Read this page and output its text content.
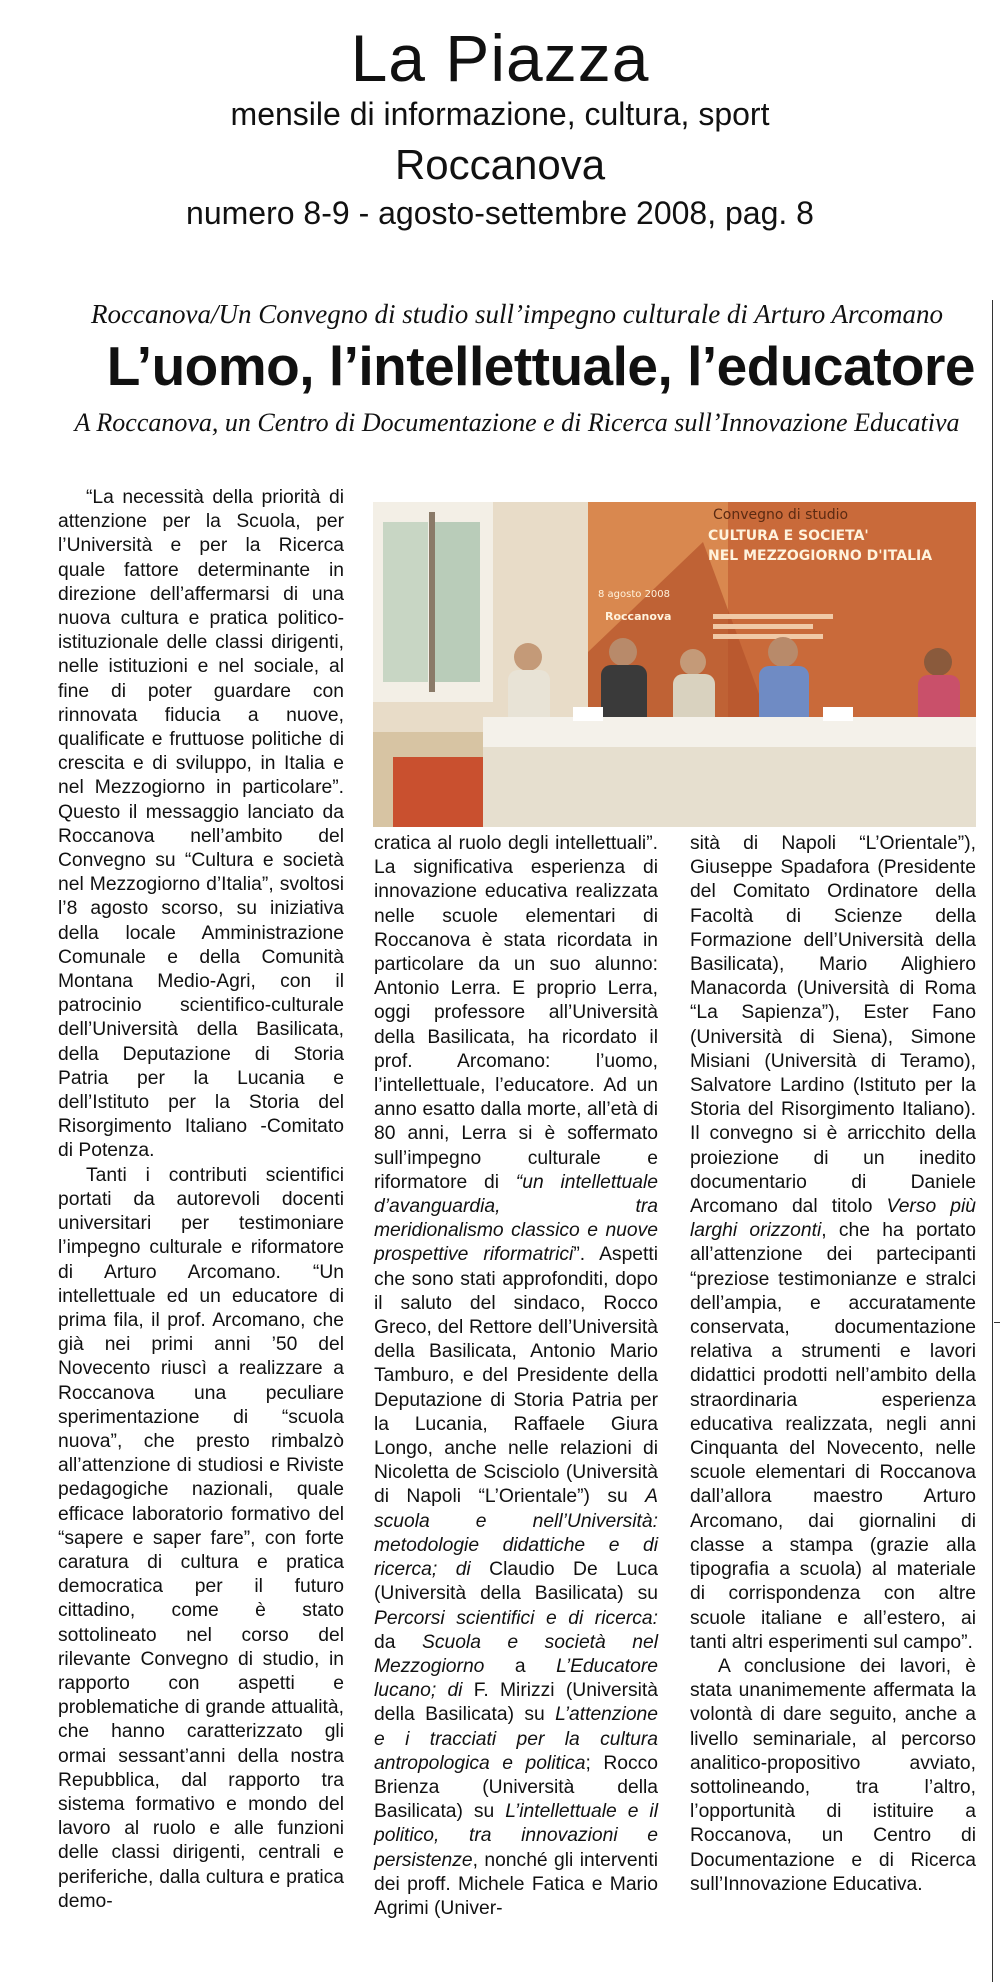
La Piazza
mensile di informazione, cultura, sport
Roccanova
numero 8-9 - agosto-settembre 2008, pag. 8
Roccanova/Un Convegno di studio sull’impegno culturale di Arturo Arcomano
L’uomo, l’intellettuale, l’educatore
A Roccanova, un Centro di Documentazione e di Ricerca sull’Innovazione Educativa
Convegno di studio
CULTURA E SOCIETA'
NEL MEZZOGIORNO D'ITALIA
8 agosto 2008
Roccanova

“La necessità della priorità di attenzione per la Scuola, per l’Università e per la Ricerca quale fattore determinante in direzione dell’affermarsi di una nuova cultura e pratica politico-istituzionale delle classi dirigenti, nelle istituzioni e nel sociale, al fine di poter guardare con rinnovata fiducia a nuove, qualificate e fruttuose politiche di crescita e di sviluppo, in Italia e nel Mezzogiorno in particolare”. Questo il messaggio lanciato da Roccanova nell’ambito del Convegno su “Cultura e società nel Mezzogiorno d’Italia”, svoltosi l’8 agosto scorso, su iniziativa della locale Amministrazione Comunale e della Comunità Montana Medio-Agri, con il patrocinio scientifico-culturale dell’Università della Basilicata, della Deputazione di Storia Patria per la Lucania e dell’Istituto per la Storia del Risorgimento Italiano -Comitato di Potenza.

Tanti i contributi scientifici portati da autorevoli docenti universitari per testimoniare l’impegno culturale e riformatore di Arturo Arcomano. “Un intellettuale ed un educatore di prima fila, il prof. Arcomano, che già nei primi anni ’50 del Novecento riuscì a realizzare a Roccanova una peculiare sperimentazione di “scuola nuova”, che presto rimbalzò all’attenzione di studiosi e Riviste pedagogiche nazionali, quale efficace laboratorio formativo del “sapere e saper fare”, con forte caratura di cultura e pratica democratica per il futuro cittadino, come è stato sottolineato nel corso del rilevante Convegno di studio, in rapporto con aspetti e problematiche di grande attualità, che hanno caratterizzato gli ormai sessant’anni della nostra Repubblica, dal rapporto tra sistema formativo e mondo del lavoro al ruolo e alle funzioni delle classi dirigenti, centrali e periferiche, dalla cultura e pratica demo-

cratica al ruolo degli intellettuali”. La significativa esperienza di innovazione educativa realizzata nelle scuole elementari di Roccanova è stata ricordata in particolare da un suo alunno: Antonio Lerra. E proprio Lerra, oggi professore all’Università della Basilicata, ha ricordato il prof. Arcomano: l’uomo, l’intellettuale, l’educatore. Ad un anno esatto dalla morte, all’età di 80 anni, Lerra si è soffermato sull’impegno culturale e riformatore di “un intellettuale d’avanguardia, tra meridionalismo classico e nuove prospettive riformatrici”. Aspetti che sono stati approfonditi, dopo il saluto del sindaco, Rocco Greco, del Rettore dell’Università della Basilicata, Antonio Mario Tamburo, e del Presidente della Deputazione di Storia Patria per la Lucania, Raffaele Giura Longo, anche nelle relazioni di Nicoletta de Scisciolo (Università di Napoli “L’Orientale”) su A scuola e nell’Università: metodologie didattiche e di ricerca; di Claudio De Luca (Università della Basilicata) su Percorsi scientifici e di ricerca: da Scuola e società nel Mezzogiorno a L’Educatore lucano; di F. Mirizzi (Università della Basilicata) su L’attenzione e i tracciati per la cultura antropologica e politica; Rocco Brienza (Università della Basilicata) su L’intellettuale e il politico, tra innovazioni e persistenze, nonché gli interventi dei proff. Michele Fatica e Mario Agrimi (Univer-

sità di Napoli “L’Orientale”), Giuseppe Spadafora (Presidente del Comitato Ordinatore della Facoltà di Scienze della Formazione dell’Università della Basilicata), Mario Alighiero Manacorda (Università di Roma “La Sapienza”), Ester Fano (Università di Siena), Simone Misiani (Università di Teramo), Salvatore Lardino (Istituto per la Storia del Risorgimento Italiano). Il convegno si è arricchito della proiezione di un inedito documentario di Daniele Arcomano dal titolo Verso più larghi orizzonti, che ha portato all’attenzione dei partecipanti “preziose testimonianze e stralci dell’ampia, e accuratamente conservata, documentazione relativa a strumenti e lavori didattici prodotti nell’ambito della straordinaria esperienza educativa realizzata, negli anni Cinquanta del Novecento, nelle scuole elementari di Roccanova dall’allora maestro Arturo Arcomano, dai giornalini di classe a stampa (grazie alla tipografia a scuola) al materiale di corrispondenza con altre scuole italiane e all’estero, ai tanti altri esperimenti sul campo”.

A conclusione dei lavori, è stata unanimemente affermata la volontà di dare seguito, anche a livello seminariale, al percorso analitico-propositivo avviato, sottolineando, tra l’altro, l’opportunità di istituire a Roccanova, un Centro di Documentazione e di Ricerca sull’Innovazione Educativa.
